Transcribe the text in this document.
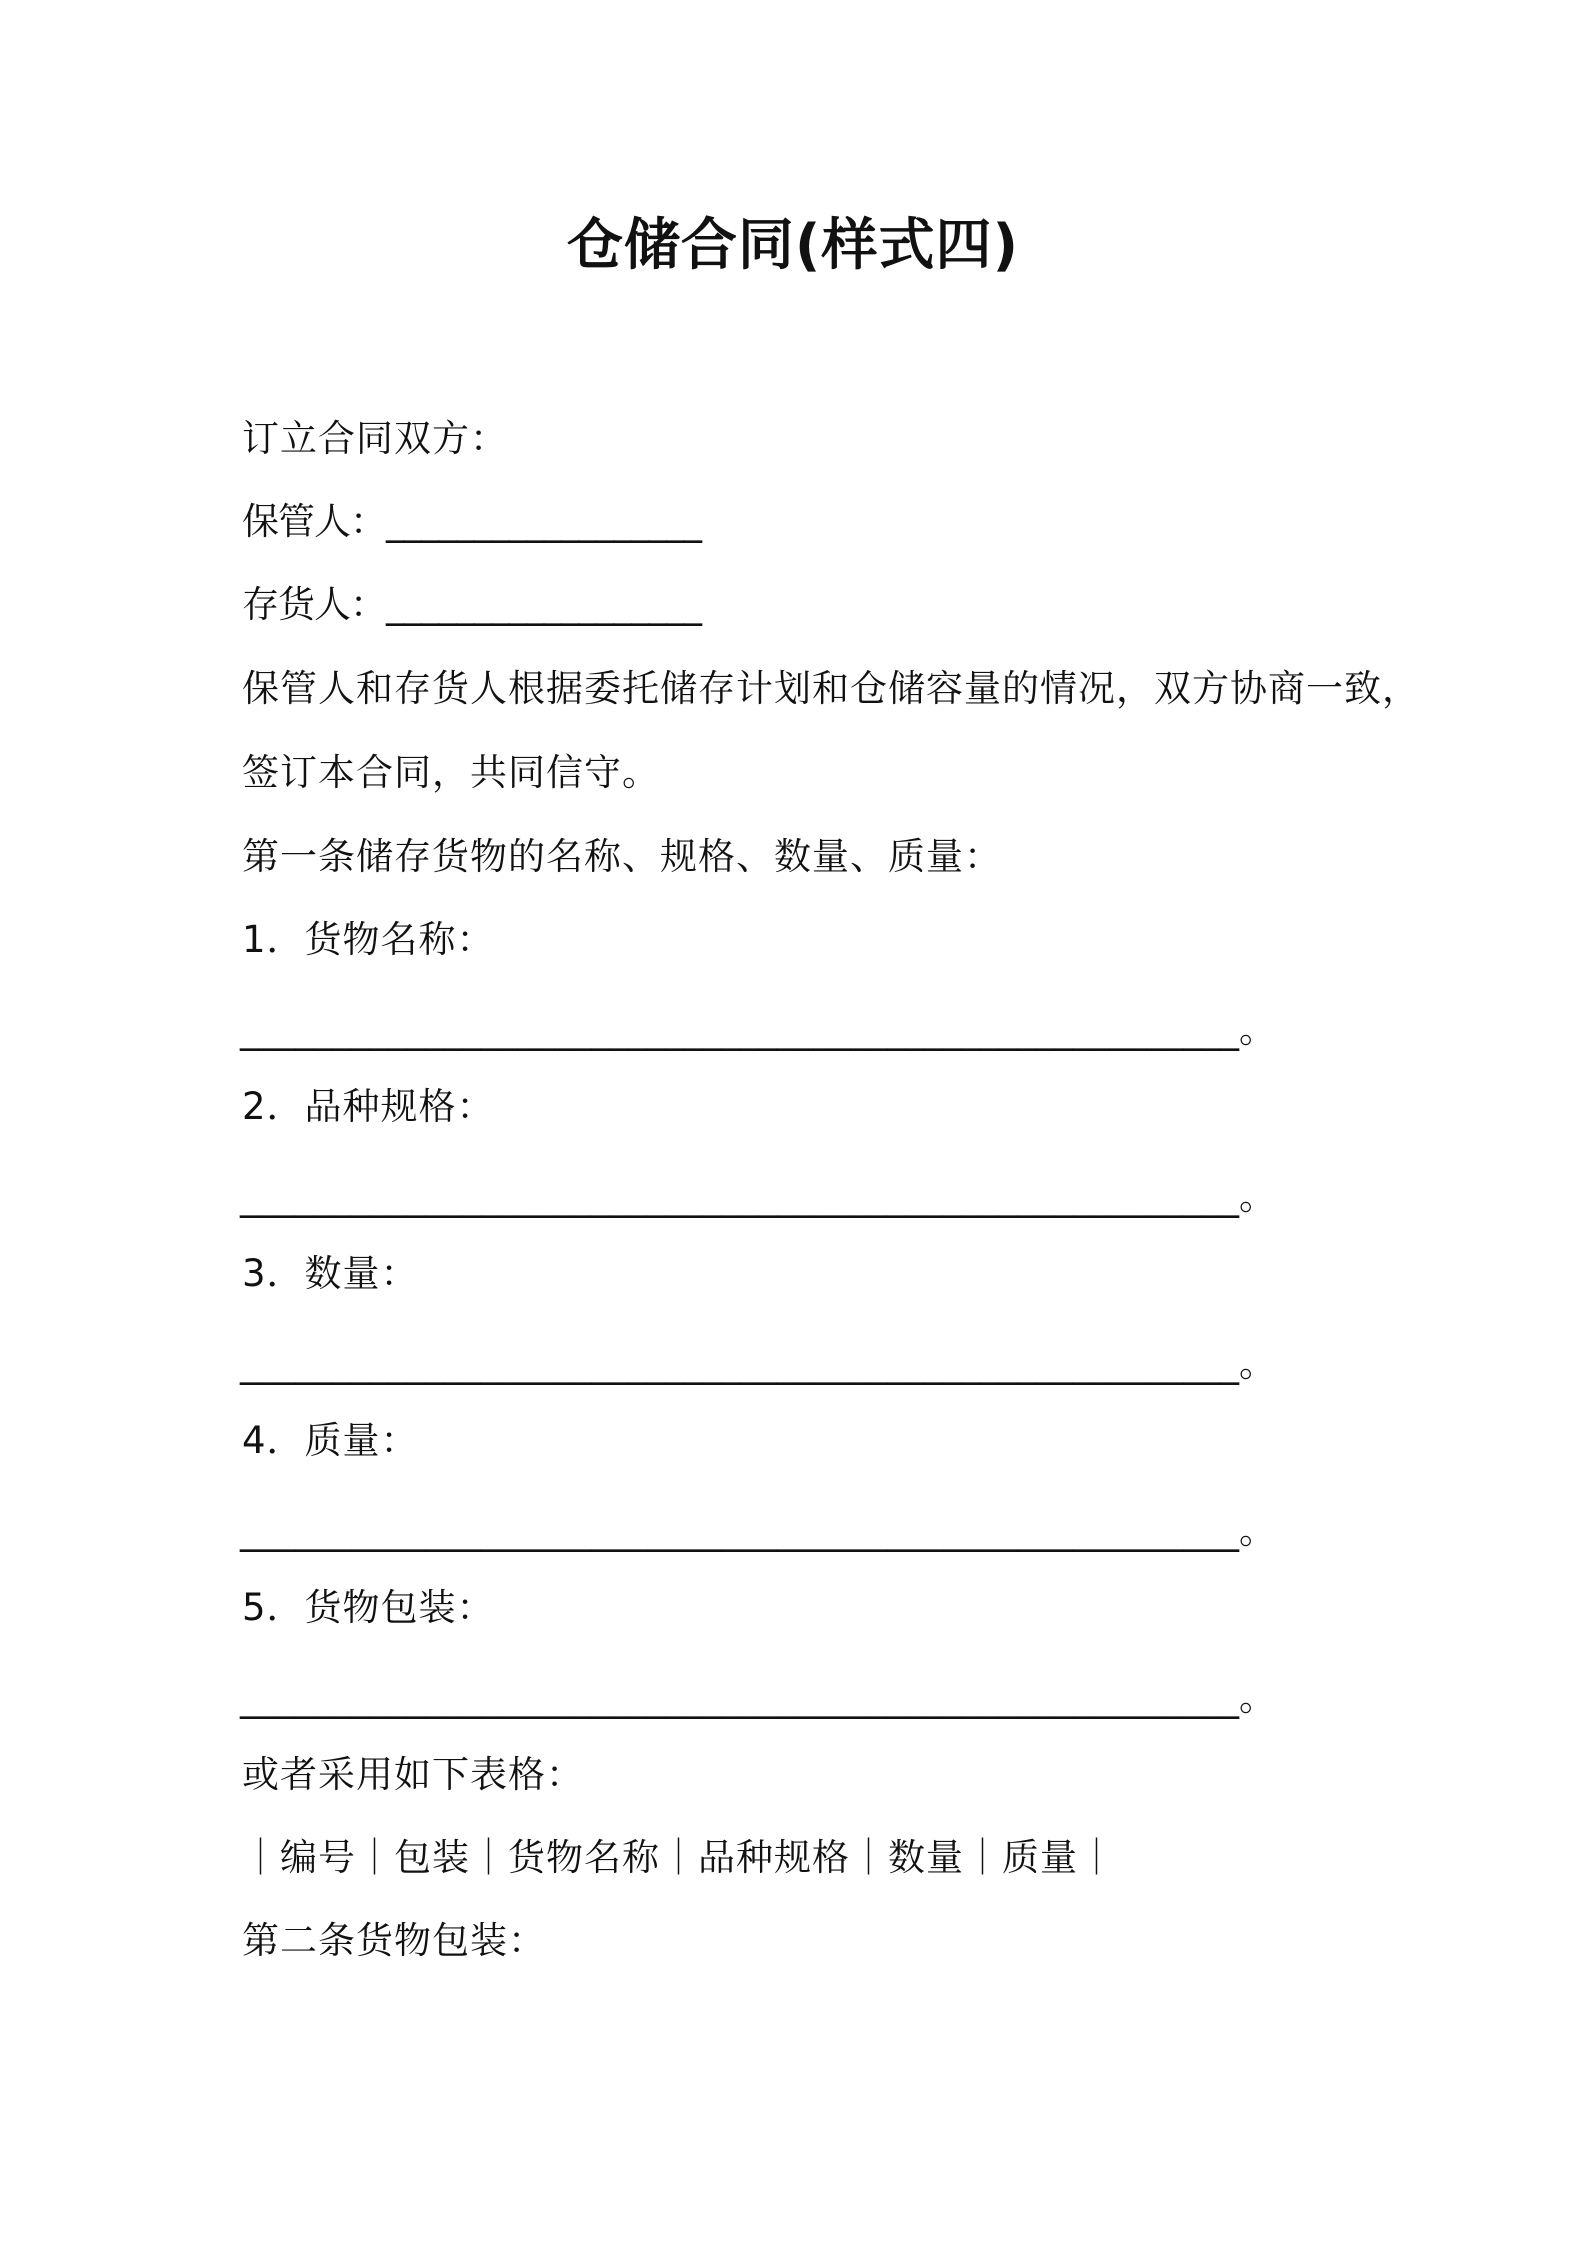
仓储合同(样式四)
订立合同双方：
保管人：__________________
存货人：__________________
保管人和存货人根据委托储存计划和仓储容量的情况，双方协商一致，
签订本合同，共同信守。
第一条储存货物的名称、规格、数量、质量：
1．货物名称：
______________________________________________________。
2．品种规格：
______________________________________________________。
3．数量：
______________________________________________________。
4．质量：
______________________________________________________。
5．货物包装：
______________________________________________________。
或者采用如下表格：
｜编号｜包装｜货物名称｜品种规格｜数量｜质量｜
第二条货物包装：
